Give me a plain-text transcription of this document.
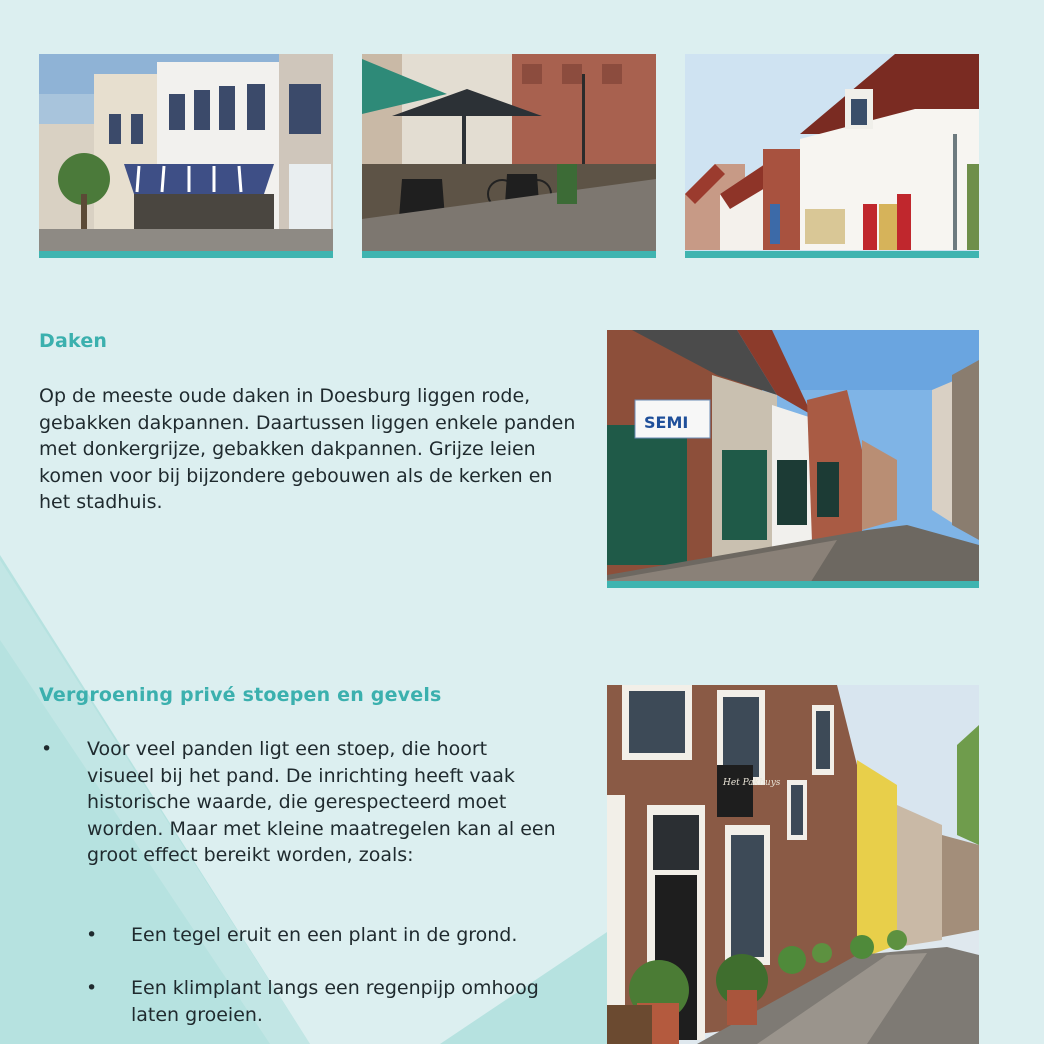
Daken

Op de meeste oude daken in Doesburg liggen rode, gebakken dakpannen. Daartussen liggen enkele panden met donkergrijze, gebakken dakpannen. Grijze leien komen voor bij bijzondere gebouwen als de kerken en het stadhuis.

SEMI
Vergroening privé stoepen en gevels
• Voor veel panden ligt een stoep, die hoort visueel bij het pand. De inrichting heeft vaak historische waarde, die gerespecteerd moet worden. Maar met kleine maatregelen kan al een groot effect bereikt worden, zoals:
• Een tegel eruit en een plant in de grond.
• Een klimplant langs een regenpijp omhoog laten groeien.
Het Pakhuys
